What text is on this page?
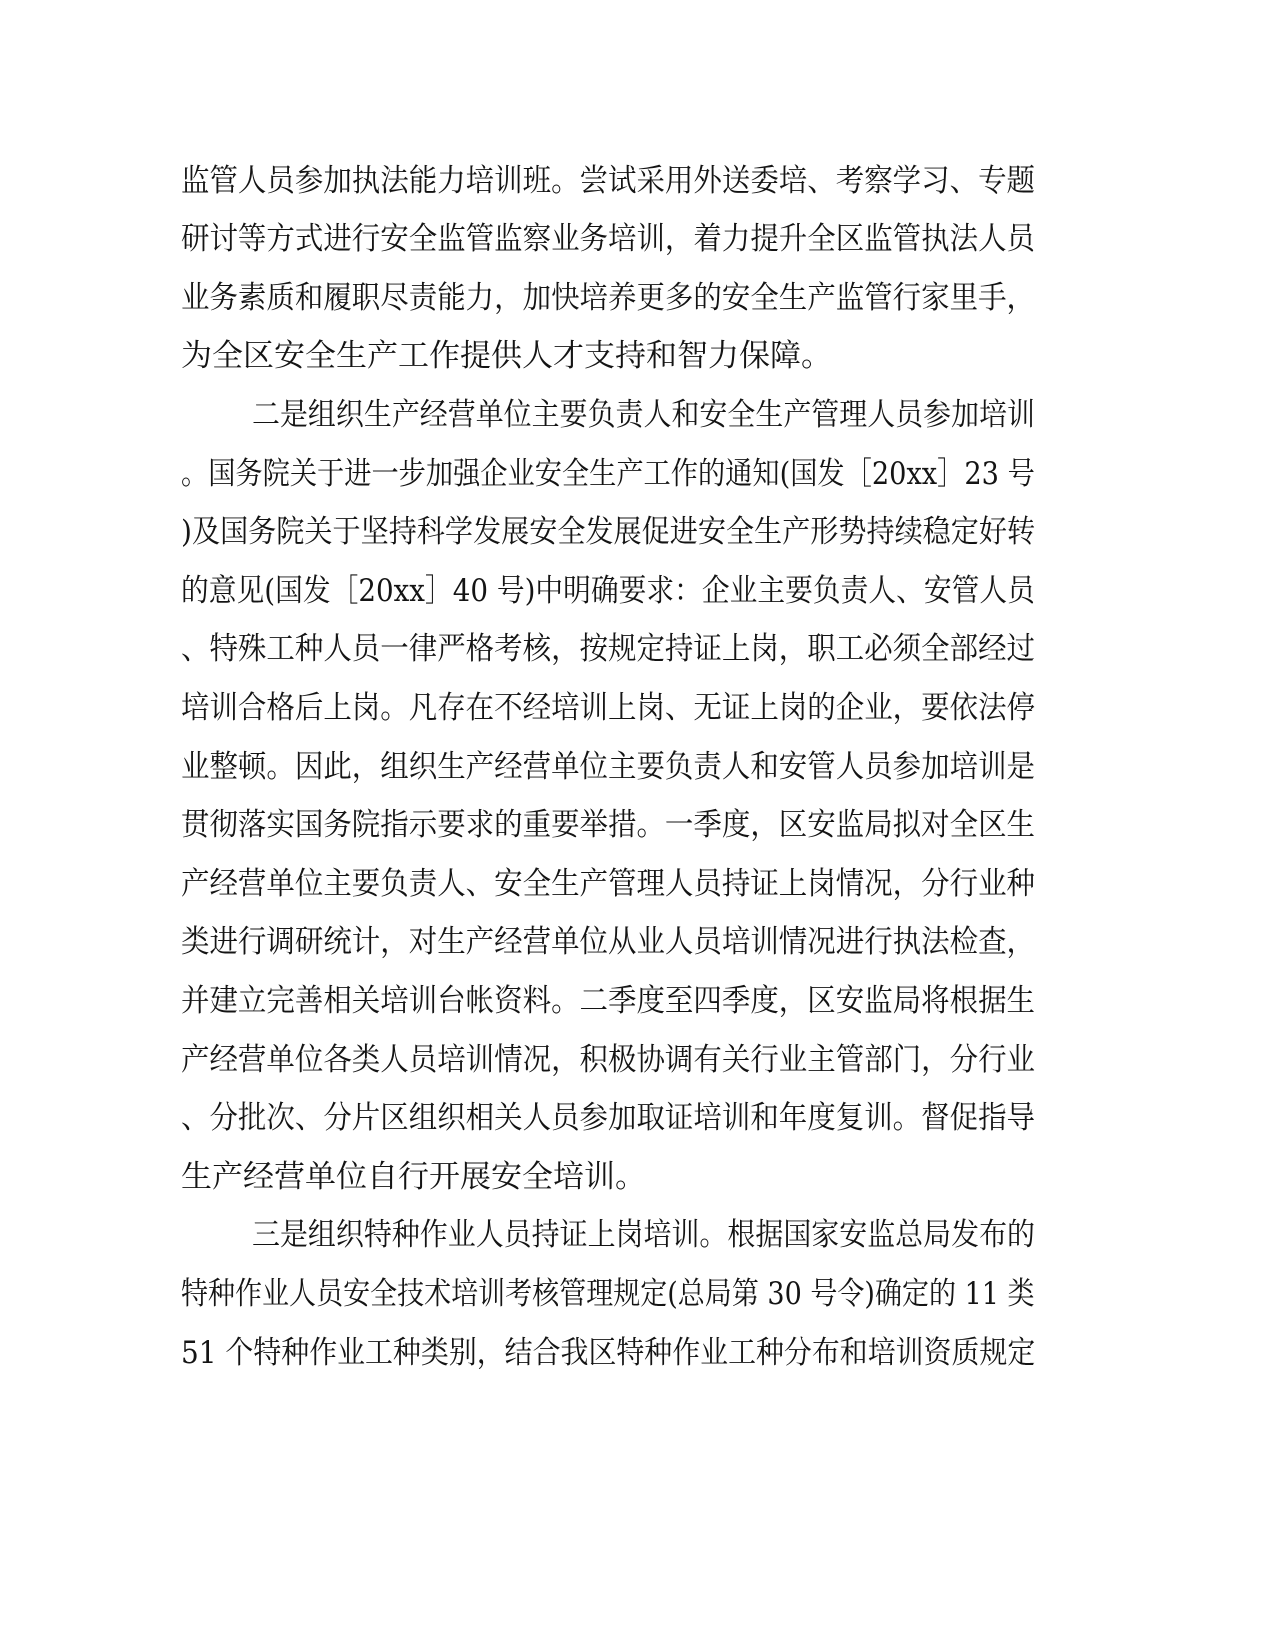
监管人员参加执法能力培训班。尝试采用外送委培、考察学习、专题
研讨等方式进行安全监管监察业务培训，着力提升全区监管执法人员
业务素质和履职尽责能力，加快培养更多的安全生产监管行家里手，
为全区安全生产工作提供人才支持和智力保障。
二是组织生产经营单位主要负责人和安全生产管理人员参加培训
。国务院关于进一步加强企业安全生产工作的通知(国发［20xx］23 号
)及国务院关于坚持科学发展安全发展促进安全生产形势持续稳定好转
的意见(国发［20xx］40 号)中明确要求：企业主要负责人、安管人员
、特殊工种人员一律严格考核，按规定持证上岗，职工必须全部经过
培训合格后上岗。凡存在不经培训上岗、无证上岗的企业，要依法停
业整顿。因此，组织生产经营单位主要负责人和安管人员参加培训是
贯彻落实国务院指示要求的重要举措。一季度，区安监局拟对全区生
产经营单位主要负责人、安全生产管理人员持证上岗情况，分行业种
类进行调研统计，对生产经营单位从业人员培训情况进行执法检查，
并建立完善相关培训台帐资料。二季度至四季度，区安监局将根据生
产经营单位各类人员培训情况，积极协调有关行业主管部门，分行业
、分批次、分片区组织相关人员参加取证培训和年度复训。督促指导
生产经营单位自行开展安全培训。
三是组织特种作业人员持证上岗培训。根据国家安监总局发布的
特种作业人员安全技术培训考核管理规定(总局第 30 号令)确定的 11 类
51 个特种作业工种类别，结合我区特种作业工种分布和培训资质规定
